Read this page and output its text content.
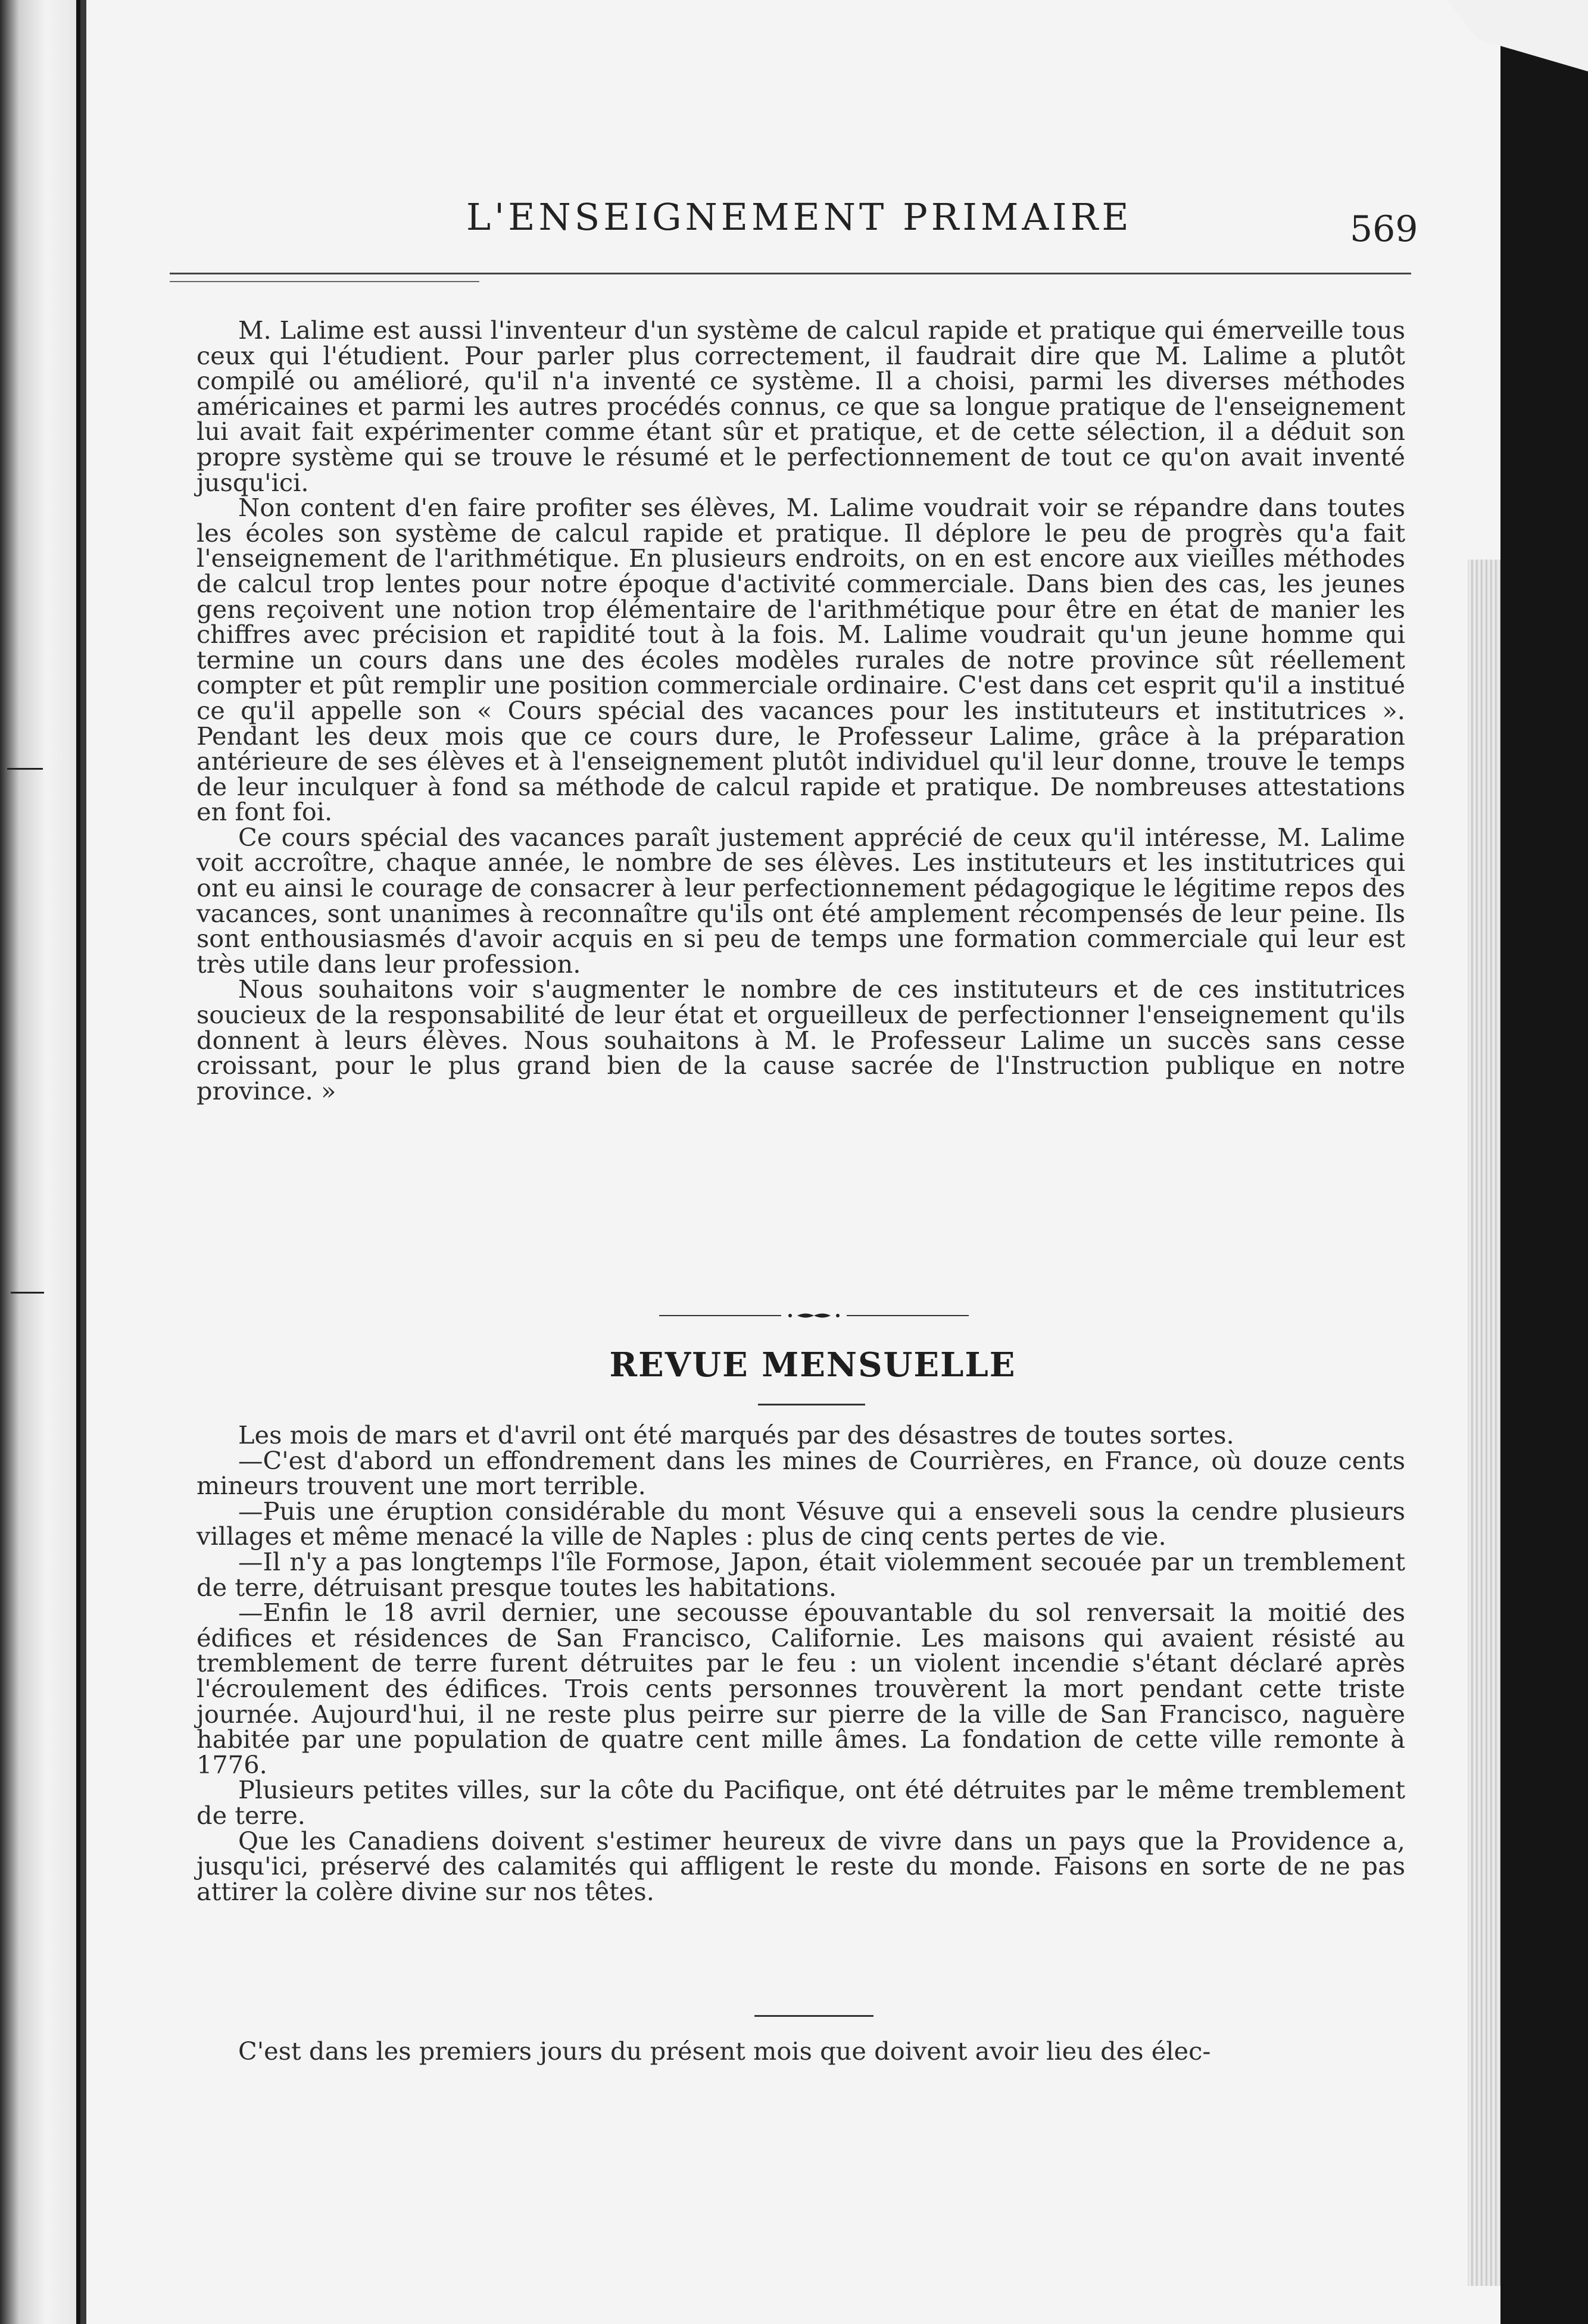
L'ENSEIGNEMENT PRIMAIRE	569

M. Lalime est aussi l'inventeur d'un système de calcul rapide et pratique qui émerveille tous ceux qui l'étudient. Pour parler plus correctement, il faudrait dire que M. Lalime a plutôt compilé ou amélioré, qu'il n'a inventé ce système. Il a choisi, parmi les diverses méthodes américaines et parmi les autres procédés connus, ce que sa longue pratique de l'enseignement lui avait fait expérimenter comme étant sûr et pratique, et de cette sélection, il a déduit son propre système qui se trouve le résumé et le perfectionnement de tout ce qu'on avait inventé jusqu'ici.

Non content d'en faire profiter ses élèves, M. Lalime voudrait voir se répandre dans toutes les écoles son système de calcul rapide et pratique. Il déplore le peu de progrès qu'a fait l'enseignement de l'arithmétique. En plusieurs endroits, on en est encore aux vieilles méthodes de calcul trop lentes pour notre époque d'activité commerciale. Dans bien des cas, les jeunes gens reçoivent une notion trop élémentaire de l'arithmétique pour être en état de manier les chiffres avec précision et rapidité tout à la fois. M. Lalime voudrait qu'un jeune homme qui termine un cours dans une des écoles modèles rurales de notre province sût réellement compter et pût remplir une position commerciale ordinaire. C'est dans cet esprit qu'il a institué ce qu'il appelle son « Cours spécial des vacances pour les instituteurs et institutrices ». Pendant les deux mois que ce cours dure, le Professeur Lalime, grâce à la préparation antérieure de ses élèves et à l'enseignement plutôt individuel qu'il leur donne, trouve le temps de leur inculquer à fond sa méthode de calcul rapide et pratique. De nombreuses attestations en font foi.

Ce cours spécial des vacances paraît justement apprécié de ceux qu'il intéresse, M. Lalime voit accroître, chaque année, le nombre de ses élèves. Les instituteurs et les institutrices qui ont eu ainsi le courage de consacrer à leur perfectionnement pédagogique le légitime repos des vacances, sont unanimes à reconnaître qu'ils ont été amplement récompensés de leur peine. Ils sont enthousiasmés d'avoir acquis en si peu de temps une formation commerciale qui leur est très utile dans leur profession.

Nous souhaitons voir s'augmenter le nombre de ces instituteurs et de ces institutrices soucieux de la responsabilité de leur état et orgueilleux de perfectionner l'enseignement qu'ils donnent à leurs élèves. Nous souhaitons à M. le Professeur Lalime un succès sans cesse croissant, pour le plus grand bien de la cause sacrée de l'Instruction publique en notre province. »

REVUE MENSUELLE

Les mois de mars et d'avril ont été marqués par des désastres de toutes sortes.

—C'est d'abord un effondrement dans les mines de Courrières, en France, où douze cents mineurs trouvent une mort terrible.

—Puis une éruption considérable du mont Vésuve qui a enseveli sous la cendre plusieurs villages et même menacé la ville de Naples : plus de cinq cents pertes de vie.

—Il n'y a pas longtemps l'île Formose, Japon, était violemment secouée par un tremblement de terre, détruisant presque toutes les habitations.

—Enfin le 18 avril dernier, une secousse épouvantable du sol renversait la moitié des édifices et résidences de San Francisco, Californie. Les maisons qui avaient résisté au tremblement de terre furent détruites par le feu : un violent incendie s'étant déclaré après l'écroulement des édifices. Trois cents personnes trouvèrent la mort pendant cette triste journée. Aujourd'hui, il ne reste plus peirre sur pierre de la ville de San Francisco, naguère habitée par une population de quatre cent mille âmes. La fondation de cette ville remonte à 1776.

Plusieurs petites villes, sur la côte du Pacifique, ont été détruites par le même tremblement de terre.

Que les Canadiens doivent s'estimer heureux de vivre dans un pays que la Providence a, jusqu'ici, préservé des calamités qui affligent le reste du monde. Faisons en sorte de ne pas attirer la colère divine sur nos têtes.

C'est dans les premiers jours du présent mois que doivent avoir lieu des élec-
